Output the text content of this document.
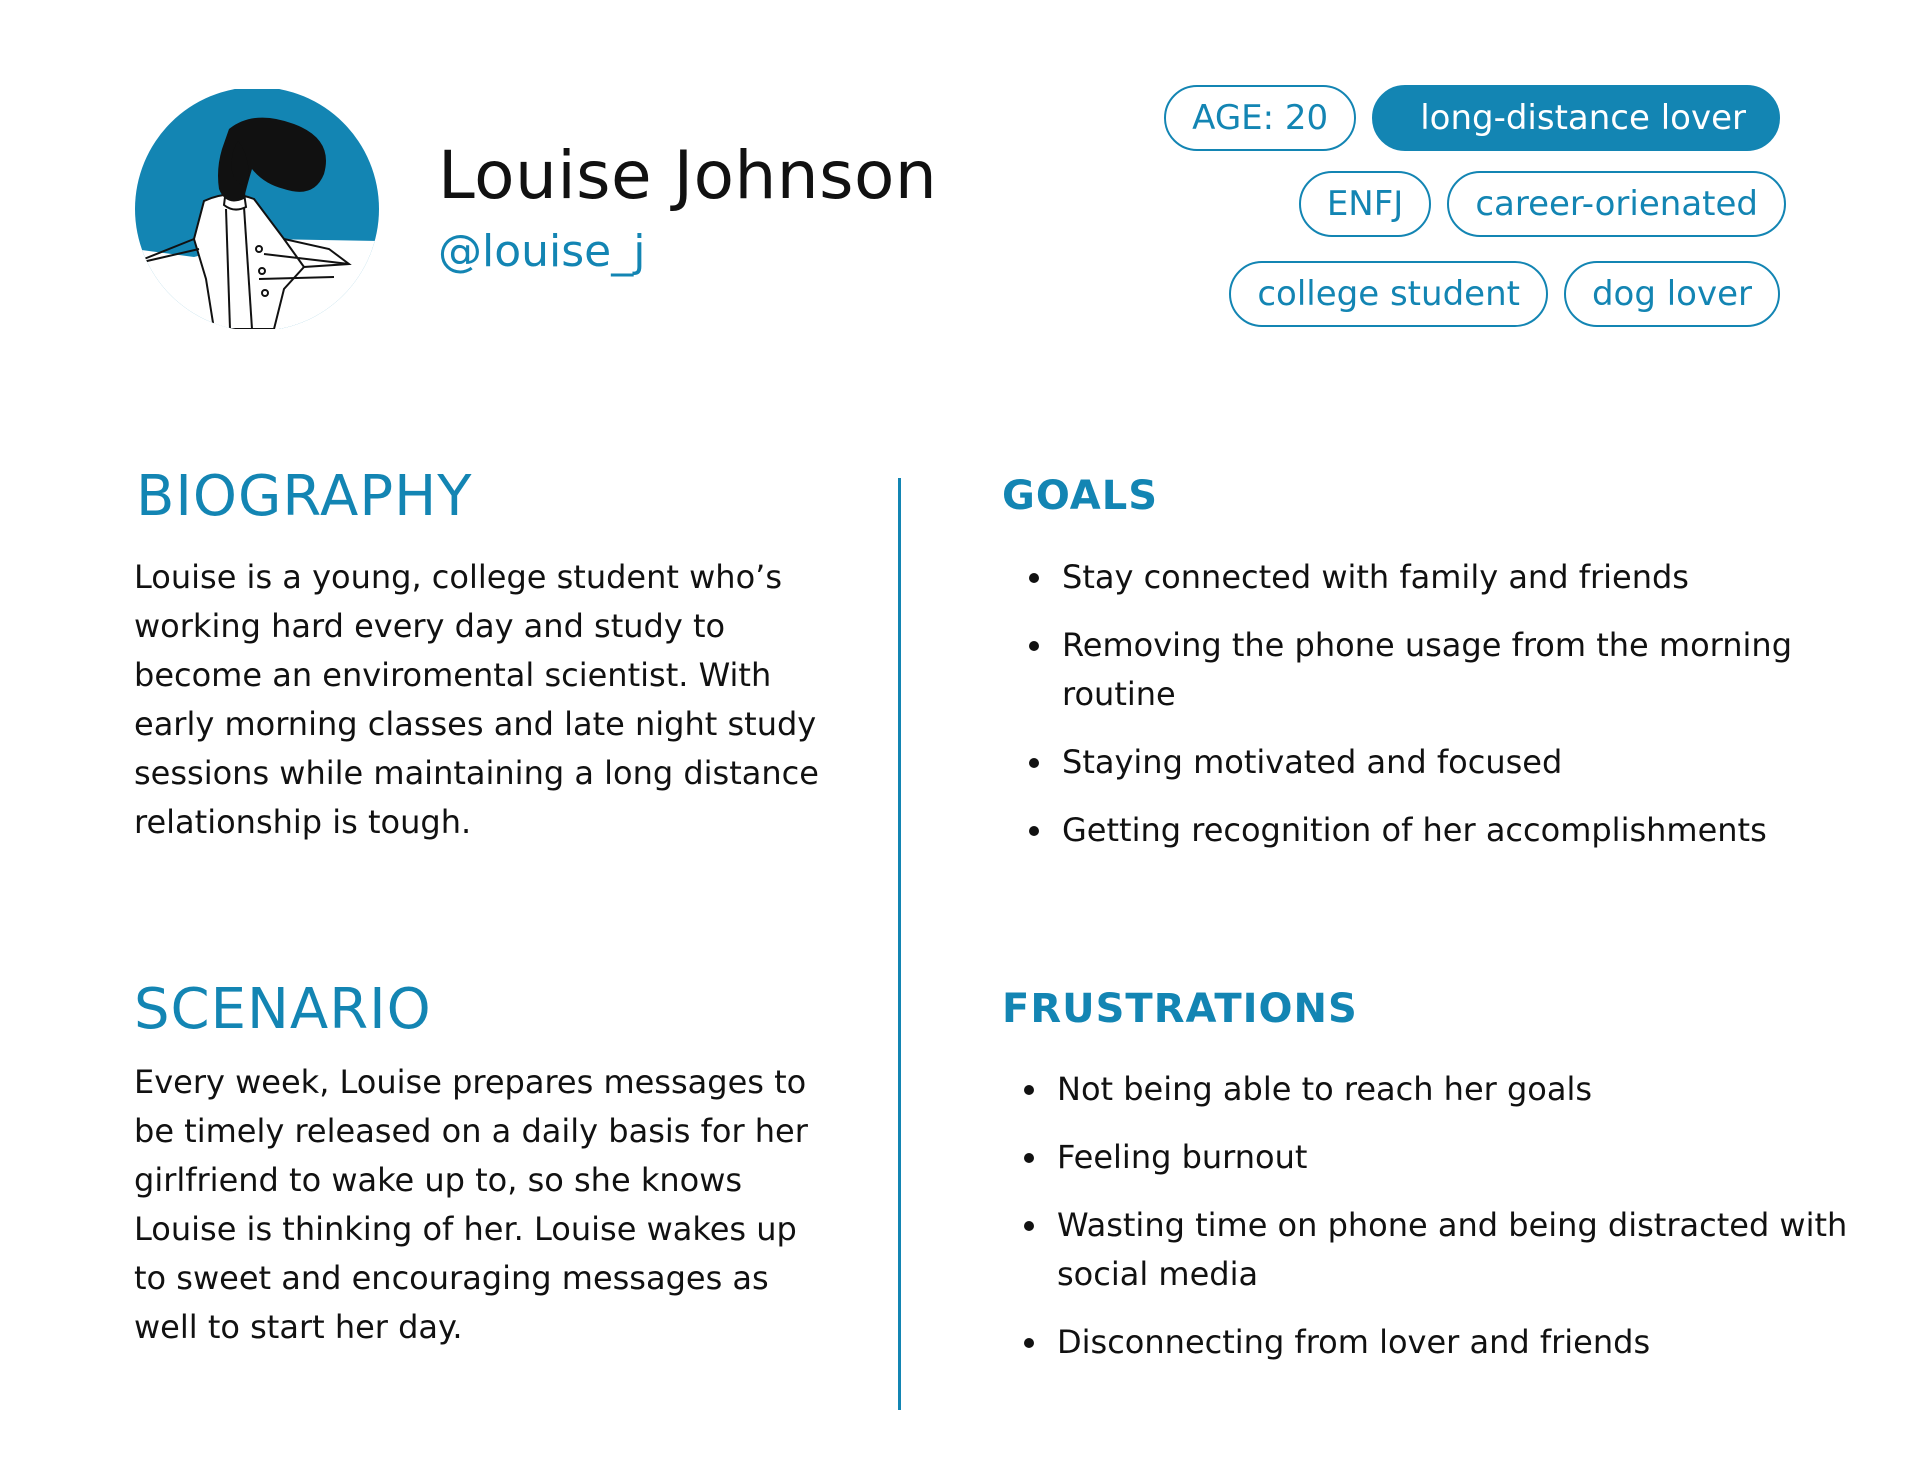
Louise Johnson
@louise_j
AGE: 20	long-distance lover
ENFJ	career-orienated
college student	dog lover
BIOGRAPHY
Louise is a young, college student who’s working hard every day and study to become an enviromental scientist. With early morning classes and late night study sessions while maintaining a long distance relationship is tough.
SCENARIO
Every week, Louise prepares messages to be timely released on a daily basis for her girlfriend to wake up to, so she knows Louise is thinking of her. Louise wakes up to sweet and encouraging messages as well to start her day.
GOALS
Stay connected with family and friends
Removing the phone usage from the morning routine
Staying motivated and focused
Getting recognition of her accomplishments
FRUSTRATIONS
Not being able to reach her goals
Feeling burnout
Wasting time on phone and being distracted with social media
Disconnecting from lover and friends
